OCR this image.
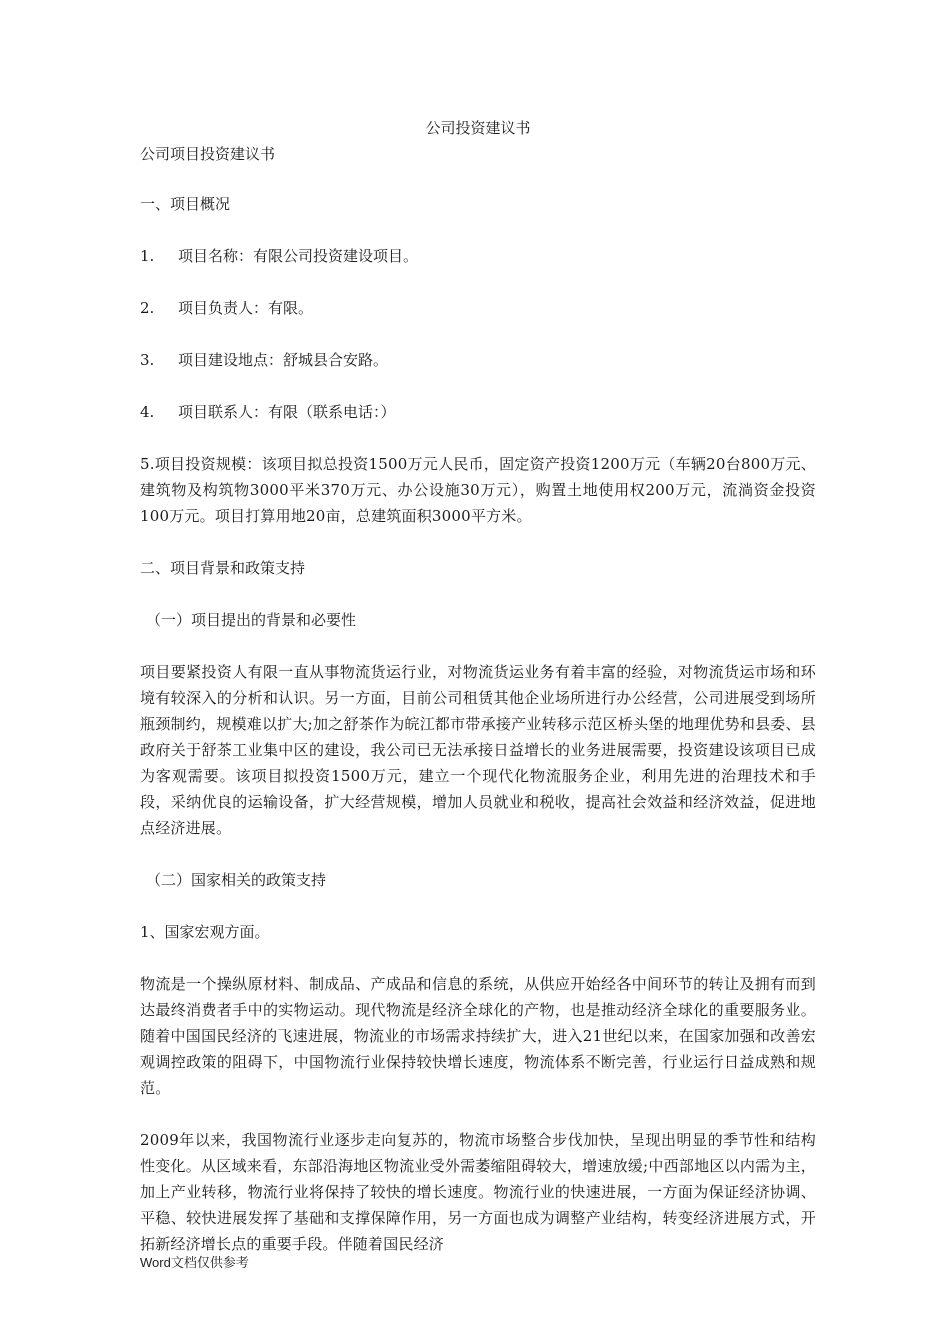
公司投资建议书
公司项目投资建议书
一、项目概况
1.	项目名称：有限公司投资建设项目。
2.	项目负责人：有限。
3.	项目建设地点：舒城县合安路。
4.	项目联系人：有限（联系电话：）

5.项目投资规模：该项目拟总投资1500万元人民币，固定资产投资1200万元（车辆20台800万元、建筑物及构筑物3000平米370万元、办公设施30万元），购置土地使用权200万元，流淌资金投资100万元。项目打算用地20亩，总建筑面积3000平方米。

二、项目背景和政策支持
（一）项目提出的背景和必要性

项目要紧投资人有限一直从事物流货运行业，对物流货运业务有着丰富的经验，对物流货运市场和环境有较深入的分析和认识。另一方面，目前公司租赁其他企业场所进行办公经营，公司进展受到场所瓶颈制约，规模难以扩大;加之舒茶作为皖江都市带承接产业转移示范区桥头堡的地理优势和县委、县政府关于舒茶工业集中区的建设，我公司已无法承接日益增长的业务进展需要，投资建设该项目已成为客观需要。该项目拟投资1500万元，建立一个现代化物流服务企业，利用先进的治理技术和手段，采纳优良的运输设备，扩大经营规模，增加人员就业和税收，提高社会效益和经济效益，促进地点经济进展。

（二）国家相关的政策支持
1、国家宏观方面。

物流是一个操纵原材料、制成品、产成品和信息的系统，从供应开始经各中间环节的转让及拥有而到达最终消费者手中的实物运动。现代物流是经济全球化的产物，也是推动经济全球化的重要服务业。随着中国国民经济的飞速进展，物流业的市场需求持续扩大，进入21世纪以来，在国家加强和改善宏观调控政策的阻碍下，中国物流行业保持较快增长速度，物流体系不断完善，行业运行日益成熟和规范。

2009年以来，我国物流行业逐步走向复苏的，物流市场整合步伐加快，呈现出明显的季节性和结构性变化。从区域来看，东部沿海地区物流业受外需萎缩阻碍较大，增速放缓;中西部地区以内需为主，加上产业转移，物流行业将保持了较快的增长速度。物流行业的快速进展，一方面为保证经济协调、平稳、较快进展发挥了基础和支撑保障作用，另一方面也成为调整产业结构，转变经济进展方式，开拓新经济增长点的重要手段。伴随着国民经济

Word文档仅供参考
